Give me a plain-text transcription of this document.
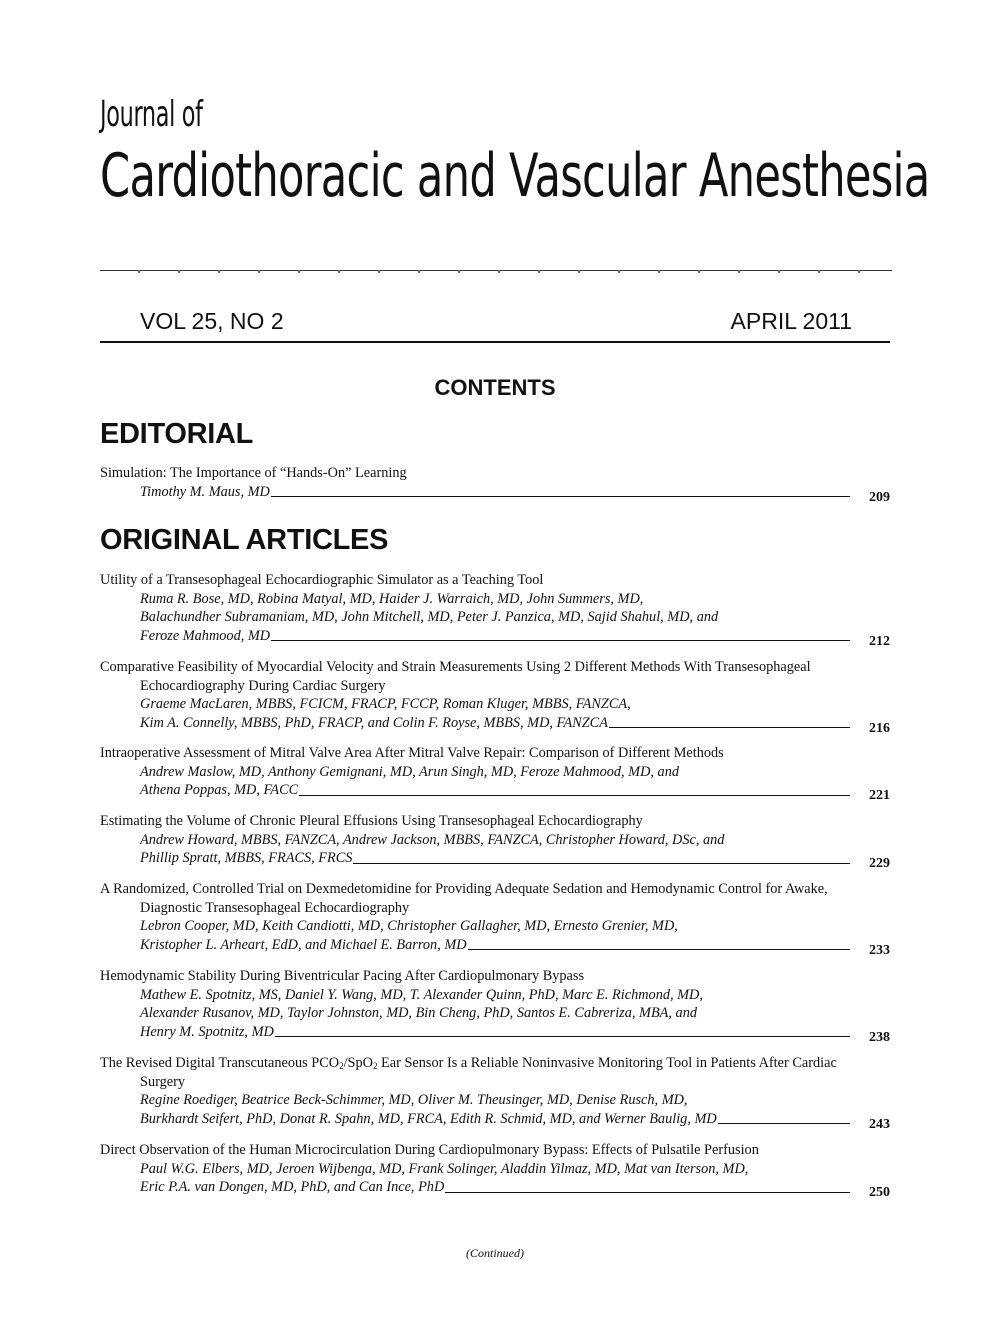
Journal of
Cardiothoracic and Vascular Anesthesia
VOL 25, NO 2	APRIL 2011
CONTENTS
EDITORIAL
Simulation: The Importance of “Hands-On” Learning
Timothy M. Maus, MD	209
ORIGINAL ARTICLES
Utility of a Transesophageal Echocardiographic Simulator as a Teaching Tool
Ruma R. Bose, MD, Robina Matyal, MD, Haider J. Warraich, MD, John Summers, MD,
Balachundher Subramaniam, MD, John Mitchell, MD, Peter J. Panzica, MD, Sajid Shahul, MD, and
Feroze Mahmood, MD	212
Comparative Feasibility of Myocardial Velocity and Strain Measurements Using 2 Different Methods With Transesophageal Echocardiography During Cardiac Surgery
Graeme MacLaren, MBBS, FCICM, FRACP, FCCP, Roman Kluger, MBBS, FANZCA,
Kim A. Connelly, MBBS, PhD, FRACP, and Colin F. Royse, MBBS, MD, FANZCA	216
Intraoperative Assessment of Mitral Valve Area After Mitral Valve Repair: Comparison of Different Methods
Andrew Maslow, MD, Anthony Gemignani, MD, Arun Singh, MD, Feroze Mahmood, MD, and
Athena Poppas, MD, FACC	221
Estimating the Volume of Chronic Pleural Effusions Using Transesophageal Echocardiography
Andrew Howard, MBBS, FANZCA, Andrew Jackson, MBBS, FANZCA, Christopher Howard, DSc, and
Phillip Spratt, MBBS, FRACS, FRCS	229
A Randomized, Controlled Trial on Dexmedetomidine for Providing Adequate Sedation and Hemodynamic Control for Awake, Diagnostic Transesophageal Echocardiography
Lebron Cooper, MD, Keith Candiotti, MD, Christopher Gallagher, MD, Ernesto Grenier, MD,
Kristopher L. Arheart, EdD, and Michael E. Barron, MD	233
Hemodynamic Stability During Biventricular Pacing After Cardiopulmonary Bypass
Mathew E. Spotnitz, MS, Daniel Y. Wang, MD, T. Alexander Quinn, PhD, Marc E. Richmond, MD,
Alexander Rusanov, MD, Taylor Johnston, MD, Bin Cheng, PhD, Santos E. Cabreriza, MBA, and
Henry M. Spotnitz, MD	238
The Revised Digital Transcutaneous $PCO_2/SpO_2$ Ear Sensor Is a Reliable Noninvasive Monitoring Tool in Patients After Cardiac Surgery
Regine Roediger, Beatrice Beck-Schimmer, MD, Oliver M. Theusinger, MD, Denise Rusch, MD,
Burkhardt Seifert, PhD, Donat R. Spahn, MD, FRCA, Edith R. Schmid, MD, and Werner Baulig, MD	243
Direct Observation of the Human Microcirculation During Cardiopulmonary Bypass: Effects of Pulsatile Perfusion
Paul W.G. Elbers, MD, Jeroen Wijbenga, MD, Frank Solinger, Aladdin Yilmaz, MD, Mat van Iterson, MD,
Eric P.A. van Dongen, MD, PhD, and Can Ince, PhD	250
(Continued)
